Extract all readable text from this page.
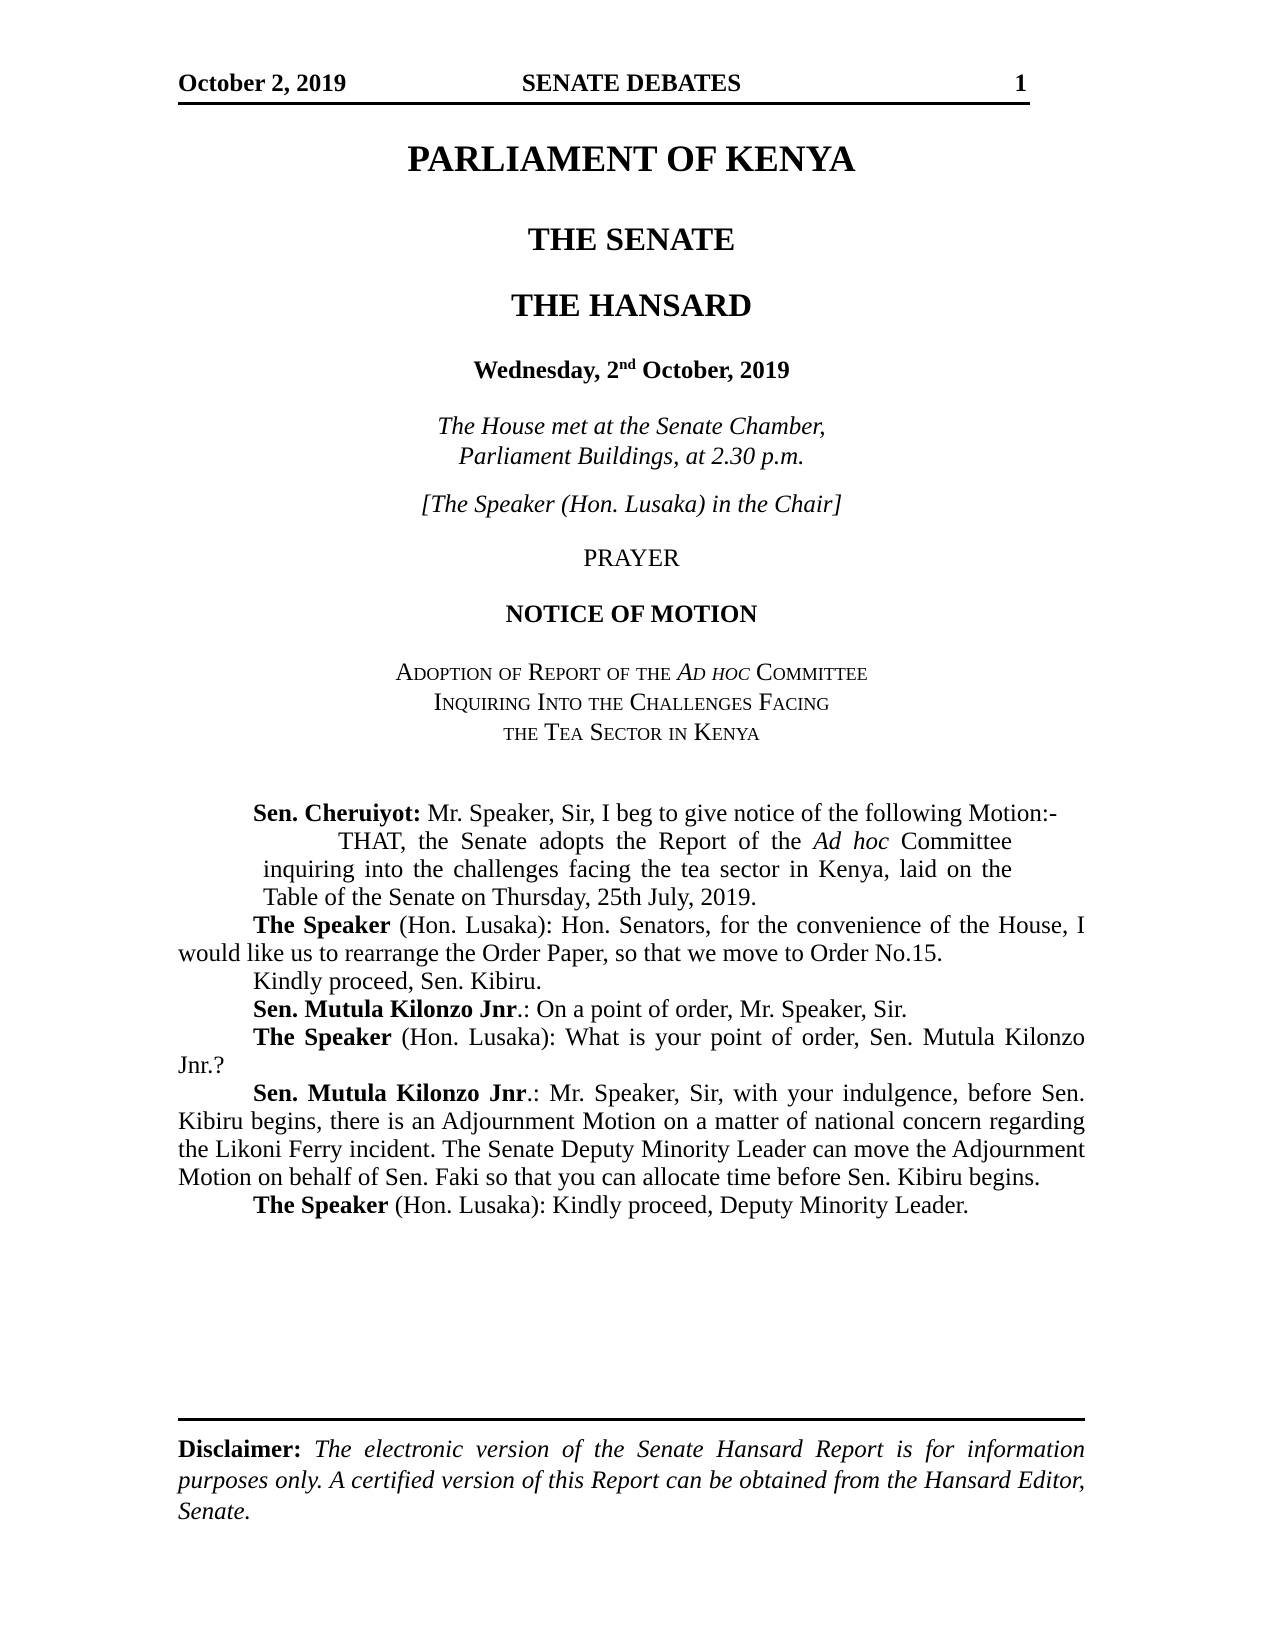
October 2, 2019	SENATE DEBATES	1
PARLIAMENT OF KENYA
THE SENATE
THE HANSARD
Wednesday, 2nd October, 2019
The House met at the Senate Chamber,
Parliament Buildings, at 2.30 p.m.
[The Speaker (Hon. Lusaka) in the Chair]
PRAYER
NOTICE OF MOTION
Adoption of Report of the Ad hoc Committee
Inquiring Into the Challenges Facing
the Tea Sector in Kenya

Sen. Cheruiyot: Mr. Speaker, Sir, I beg to give notice of the following Motion:-

THAT, the Senate adopts the Report of the Ad hoc Committee inquiring into the challenges facing the tea sector in Kenya, laid on the Table of the Senate on Thursday, 25th July, 2019.

The Speaker (Hon. Lusaka): Hon. Senators, for the convenience of the House, I would like us to rearrange the Order Paper, so that we move to Order No.15.

Kindly proceed, Sen. Kibiru.

Sen. Mutula Kilonzo Jnr.: On a point of order, Mr. Speaker, Sir.

The Speaker (Hon. Lusaka): What is your point of order, Sen. Mutula Kilonzo Jnr.?

Sen. Mutula Kilonzo Jnr.: Mr. Speaker, Sir, with your indulgence, before Sen. Kibiru begins, there is an Adjournment Motion on a matter of national concern regarding the Likoni Ferry incident. The Senate Deputy Minority Leader can move the Adjournment Motion on behalf of Sen. Faki so that you can allocate time before Sen. Kibiru begins.

The Speaker (Hon. Lusaka): Kindly proceed, Deputy Minority Leader.

Disclaimer: The electronic version of the Senate Hansard Report is for information purposes only. A certified version of this Report can be obtained from the Hansard Editor, Senate.
